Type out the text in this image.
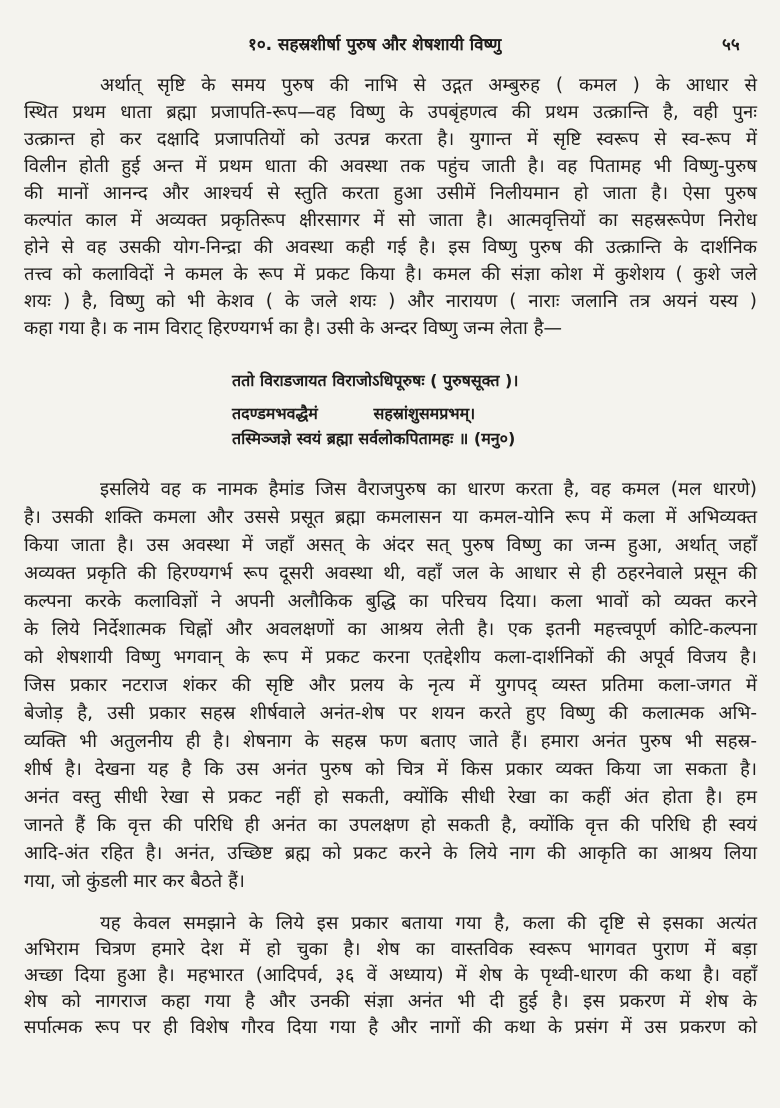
१०. सहस्रशीर्षा पुरुष और शेषशायी विष्णु	५५
अर्थात् सृष्टि के समय पुरुष की नाभि से उद्गत अम्बुरुह ( कमल ) के आधार से
स्थित प्रथम धाता ब्रह्मा प्रजापति-रूप—वह विष्णु के उपबृंहणत्व की प्रथम उत्क्रान्ति है, वही पुनः
उत्क्रान्त हो कर दक्षादि प्रजापतियों को उत्पन्न करता है। युगान्त में सृष्टि स्वरूप से स्व-रूप में
विलीन होती हुई अन्त में प्रथम धाता की अवस्था तक पहुंच जाती है। वह पितामह भी विष्णु-पुरुष
की मानों आनन्द और आश्चर्य से स्तुति करता हुआ उसीमें निलीयमान हो जाता है। ऐसा पुरुष
कल्पांत काल में अव्यक्त प्रकृतिरूप क्षीरसागर में सो जाता है। आत्मवृत्तियों का सहस्ररूपेण निरोध
होने से वह उसकी योग-निन्द्रा की अवस्था कही गई है। इस विष्णु पुरुष की उत्क्रान्ति के दार्शनिक
तत्त्व को कलाविदों ने कमल के रूप में प्रकट किया है। कमल की संज्ञा कोश में कुशेशय ( कुशे जले
शयः ) है, विष्णु को भी केशव ( के जले शयः ) और नारायण ( नाराः जलानि तत्र अयनं यस्य )
कहा गया है। क नाम विराट् हिरण्यगर्भ का है। उसी के अन्दर विष्णु जन्म लेता है—
ततो विराडजायत विराजोऽधिपूरुषः ( पुरुषसूक्त )।
तदण्डमभवद्धैमं          सहस्रांशुसमप्रभम्।
तस्मिञ्जज्ञे स्वयं ब्रह्मा सर्वलोकपितामहः ॥ (मनु०)
इसलिये वह क नामक हैमांड जिस वैराजपुरुष का धारण करता है, वह कमल (मल धारणे)
है। उसकी शक्ति कमला और उससे प्रसूत ब्रह्मा कमलासन या कमल-योनि रूप में कला में अभिव्यक्त
किया जाता है। उस अवस्था में जहाँ असत् के अंदर सत् पुरुष विष्णु का जन्म हुआ, अर्थात् जहाँ
अव्यक्त प्रकृति की हिरण्यगर्भ रूप दूसरी अवस्था थी, वहाँ जल के आधार से ही ठहरनेवाले प्रसून की
कल्पना करके कलाविज्ञों ने अपनी अलौकिक बुद्धि का परिचय दिया। कला भावों को व्यक्त करने
के लिये निर्देशात्मक चिह्नों और अवलक्षणों का आश्रय लेती है। एक इतनी महत्त्वपूर्ण कोटि-कल्पना
को शेषशायी विष्णु भगवान् के रूप में प्रकट करना एतद्देशीय कला-दार्शनिकों की अपूर्व विजय है।
जिस प्रकार नटराज शंकर की सृष्टि और प्रलय के नृत्य में युगपद् व्यस्त प्रतिमा कला-जगत में
बेजोड़ है, उसी प्रकार सहस्र शीर्षवाले अनंत-शेष पर शयन करते हुए विष्णु की कलात्मक अभि-
व्यक्ति भी अतुलनीय ही है। शेषनाग के सहस्र फण बताए जाते हैं। हमारा अनंत पुरुष भी सहस्र-
शीर्ष है। देखना यह है कि उस अनंत पुरुष को चित्र में किस प्रकार व्यक्त किया जा सकता है।
अनंत वस्तु सीधी रेखा से प्रकट नहीं हो सकती, क्योंकि सीधी रेखा का कहीं अंत होता है। हम
जानते हैं कि वृत्त की परिधि ही अनंत का उपलक्षण हो सकती है, क्योंकि वृत्त की परिधि ही स्वयं
आदि-अंत रहित है। अनंत, उच्छिष्ट ब्रह्म को प्रकट करने के लिये नाग की आकृति का आश्रय लिया
गया, जो कुंडली मार कर बैठते हैं।
यह केवल समझाने के लिये इस प्रकार बताया गया है, कला की दृष्टि से इसका अत्यंत
अभिराम चित्रण हमारे देश में हो चुका है। शेष का वास्तविक स्वरूप भागवत पुराण में बड़ा
अच्छा दिया हुआ है। महभारत (आदिपर्व, ३६ वें अध्याय) में शेष के पृथ्वी-धारण की कथा है। वहाँ
शेष को नागराज कहा गया है और उनकी संज्ञा अनंत भी दी हुई है। इस प्रकरण में शेष के
सर्पात्मक रूप पर ही विशेष गौरव दिया गया है और नागों की कथा के प्रसंग में उस प्रकरण को
